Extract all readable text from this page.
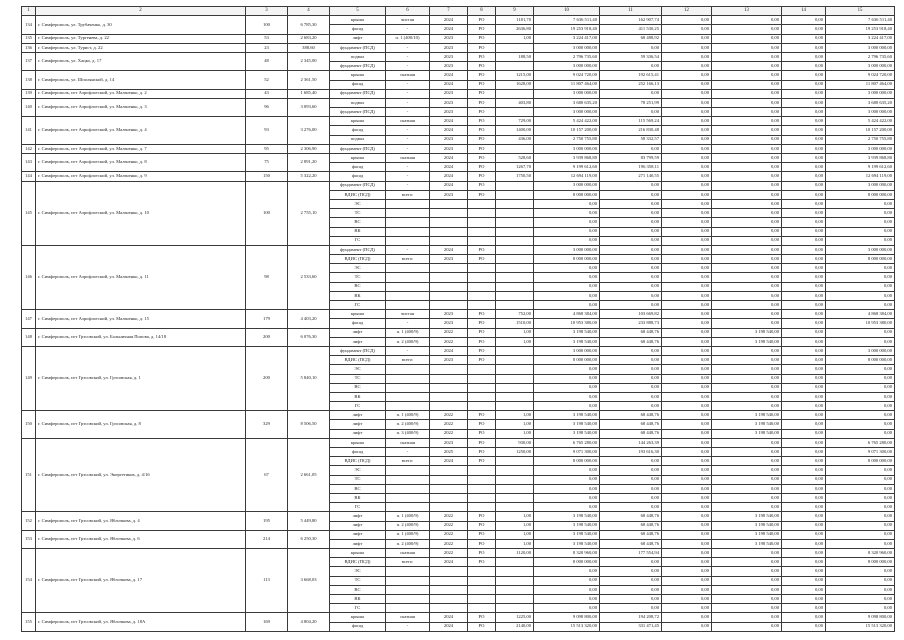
1	2	3	4	5	6	7	8	9	10	11	12	13	14	15
134	г. Симферополь, ул. Трубаченко, д. 30	100	6 785,30	крыша	чистая	2024	РО	1181,70	7 636 511,40	162 907,74	0,00	0,00	0,00	7 636 511,40
				фасад	-	2024	РО	2636,80	19 253 918,40	411 530,25	0,00	0,00	0,00	19 253 918,40
135	г. Симферополь, ул. Тургенева, д. 22	53	2 683,20	лифт	п. 1 (400/10)	2023	РО	1,00	3 224 417,00	68 488,92	0,00	0,00	0,00	3 224 417,00
136	г. Симферополь, ул. Турист, д. 22	23	388,60	фундамент (ПСД)	-	2023	РО		3 000 000,00	0,00	0,00	0,00	0,00	3 000 000,00
137	г. Симферополь, ул. Хацко, д. 17	48	2 345,00	подвал	-	2023	РО	188,50	2 796 735,60	59 336,54	0,00	0,00	0,00	2 796 735,60
				фундамент (ПСД)	-	2023	РО		3 000 000,00	0,00	0,00	0,00	0,00	3 000 000,00
138	г. Симферополь, ул. Шполянской, д. 14	52	2 361,50	крыша	скатная	2024	РО	1215,00	9 024 720,00	192 615,41	0,00	0,00	0,00	9 024 720,00
				фасад	-	2024	РО	1628,00	11 807 464,00	252 166,13	0,00	0,00	0,00	11 807 464,00
139	г. Симферополь, пгт Аэрофлотский, ул. Мальченко, д. 2	43	1 685,40	фундамент (ПСД)	-	2023	РО		3 000 000,00	0,00	0,00	0,00	0,00	3 000 000,00
140	г. Симферополь, пгт Аэрофлотский, ул. Мальченко, д. 3	96	3 093,60	подвал	-	2023	РО	403,80	3 680 635,20	78 251,99	0,00	0,00	0,00	3 680 635,20
				фундамент (ПСД)	-	2023	РО		3 000 000,00	0,00	0,00	0,00	0,00	3 000 000,00
141	г. Симферополь, пгт Аэрофлотский, ул. Мальченко, д. 4	93	3 276,00	крыша	скатная	2024	РО	729,00	5 424 422,00	115 569,24	0,00	0,00	0,00	5 424 422,00
				фасад	-	2024	РО	1400,00	10 157 200,00	216 830,48	0,00	0,00	0,00	10 157 200,00
				подвал	-	2023	РО	436,00	2 750 755,80	58 332,57	0,00	0,00	0,00	2 750 755,80
142	г. Симферополь, пгт Аэрофлотский, ул. Мальченко, д. 7	95	2 306,90	фундамент (ПСД)	-	2023	РО		3 000 000,00	0,00	0,00	0,00	0,00	3 000 000,00
143	г. Симферополь, пгт Аэрофлотский, ул. Мальченко, д. 8	75	2 891,20	крыша	скатная	2024	РО	528,60	3 939 868,80	83 799,59	0,00	0,00	0,00	3 939 868,80
				фасад	-	2024	РО	1267,70	9 199 612,60	196 358,11	0,00	0,00	0,00	9 199 612,60
144	г. Симферополь, пгт Аэрофлотский, ул. Мальченко, д. 9	150	5 322,20	фасад	-	2024	РО	1750,50	12 694 119,00	271 140,55	0,00	0,00	0,00	12 694 119,00
145	г. Симферополь, пгт Аэрофлотский, ул. Мальченко, д. 10	100	2 755,10	фундамент (ПСД)	-	2024	РО		3 000 000,00	0,00	0,00	0,00	0,00	3 000 000,00
				ВДИС (ПСД)	всего:	2023	РО		8 000 000,00	0,00	0,00	0,00	0,00	8 000 000,00
				ЭС					0,00	0,00	0,00	0,00	0,00	0,00
				ТС					0,00	0,00	0,00	0,00	0,00	0,00
				ВС					0,00	0,00	0,00	0,00	0,00	0,00
				ВК					0,00	0,00	0,00	0,00	0,00	0,00
				ГС					0,00	0,00	0,00	0,00	0,00	0,00
146	г. Симферополь, пгт Аэрофлотский, ул. Мальченко, д. 11	98	2 533,60	фундамент (ПСД)	-	2024	РО		3 000 000,00	0,00	0,00	0,00	0,00	3 000 000,00
				ВДИС (ПСД)	всего:	2023	РО		8 000 000,00	0,00	0,00	0,00	0,00	8 000 000,00
				ЭС					0,00	0,00	0,00	0,00	0,00	0,00
				ТС					0,00	0,00	0,00	0,00	0,00	0,00
				ВС					0,00	0,00	0,00	0,00	0,00	0,00
				ВК					0,00	0,00	0,00	0,00	0,00	0,00
				ГС					0,00	0,00	0,00	0,00	0,00	0,00
147	г. Симферополь, пгт Аэрофлотский, ул. Мальченко, д. 15	179	4 403,20	крыша	чистая	2023	РО	752,00	4 868 384,00	103 669,82	0,00	0,00	0,00	4 868 384,00
				фасад	-	2023	РО	1510,00	10 953 380,00	233 888,73	0,00	0,00	0,00	10 953 380,00
148	г. Симферополь, пгт Грэсовский, ул. Больничная Попова, д. 14/18	200	6 076,30	лифт	п. 1 (400/9)	2022	РО	1,00	3 198 540,00	68 448,76	0,00	3 198 540,00	0,00	0,00
				лифт	п. 2 (400/9)	2022	РО	1,00	3 198 540,00	68 448,76	0,00	3 198 540,00	0,00	0,00
149	г. Симферополь, пгт Грэсовский, ул. Грэсовская, д. 1	200	5 840,10	фундамент (ПСД)	-	2024	РО		3 000 000,00	0,00	0,00	0,00	0,00	3 000 000,00
				ВДИС (ПСД)	всего:	2023	РО		8 000 000,00	0,00	0,00	0,00	0,00	8 000 000,00
				ЭС					0,00	0,00	0,00	0,00	0,00	0,00
				ТС					0,00	0,00	0,00	0,00	0,00	0,00
				ВС					0,00	0,00	0,00	0,00	0,00	0,00
				ВК					0,00	0,00	0,00	0,00	0,00	0,00
				ГС					0,00	0,00	0,00	0,00	0,00	0,00
150	г. Симферополь, пгт Грэсовский, ул. Грэсовская, д. 8	329	8 506,50	лифт	п. 1 (400/9)	2022	РО	1,00	3 198 540,00	68 448,76	0,00	3 198 540,00	0,00	0,00
				лифт	п. 2 (400/9)	2022	РО	1,00	3 198 540,00	68 448,76	0,00	3 198 540,00	0,00	0,00
				лифт	п. 3 (400/9)	2022	РО	1,00	3 198 540,00	68 448,76	0,00	3 198 540,00	0,00	0,00
151	г. Симферополь, пгт Грэсовский, ул. Энергетиков, д. 4/16	67	2 661,05	крыша	скатная	2023	РО	930,00	6 765 280,00	144 263,39	0,00	0,00	0,00	6 765 280,00
				фасад	-	2025	РО	1250,00	9 071 300,00	193 616,30	0,00	0,00	0,00	9 071 300,00
				ВДИС (ПСД)	всего:	2024	РО		8 000 000,00	0,00	0,00	0,00	0,00	8 000 000,00
				ЭС					0,00	0,00	0,00	0,00	0,00	0,00
				ТС					0,00	0,00	0,00	0,00	0,00	0,00
				ВС					0,00	0,00	0,00	0,00	0,00	0,00
				ВК					0,00	0,00	0,00	0,00	0,00	0,00
				ГС					0,00	0,00	0,00	0,00	0,00	0,00
152	г. Симферополь, пгт Грэсовский, ул. Яблочкова, д. 4	195	5 449,80	лифт	п. 1 (400/9)	2022	РО	1,00	3 198 540,00	68 448,76	0,00	3 198 540,00	0,00	0,00
				лифт	п. 2 (400/9)	2022	РО	1,00	3 198 540,00	68 448,76	0,00	3 198 540,00	0,00	0,00
153	г. Симферополь, пгт Грэсовский, ул. Яблочкова, д. 6	214	6 250,30	лифт	п. 1 (400/9)	2022	РО	1,00	3 198 540,00	68 448,76	0,00	3 198 540,00	0,00	0,00
				лифт	п. 2 (400/9)	2022	РО	1,00	3 198 540,00	68 448,76	0,00	3 198 540,00	0,00	0,00
154	г. Симферополь, пгт Грэсовский, ул. Яблочкова, д. 17	113	3 668,03	крыша	скатная	2022	РО	1120,00	8 320 960,00	177 554,94	0,00	0,00	0,00	8 320 960,00
				ВДИС (ПСД)	всего:	2024	РО		8 000 000,00	0,00	0,00	0,00	0,00	8 000 000,00
				ЭС					0,00	0,00	0,00	0,00	0,00	0,00
				ТС					0,00	0,00	0,00	0,00	0,00	0,00
				ВС					0,00	0,00	0,00	0,00	0,00	0,00
				ВК					0,00	0,00	0,00	0,00	0,00	0,00
				ГС					0,00	0,00	0,00	0,00	0,00	0,00
155	г. Симферополь, пгт Грэсовский, ул. Яблочкова, д. 18А	169	4 804,20	крыша	скатная	2024	РО	1225,00	9 098 800,00	194 208,72	0,00	0,00	0,00	9 098 800,00
				фасад	-	2024	РО	2140,00	15 513 320,00	331 471,45	0,00	0,00	0,00	15 513 320,00
